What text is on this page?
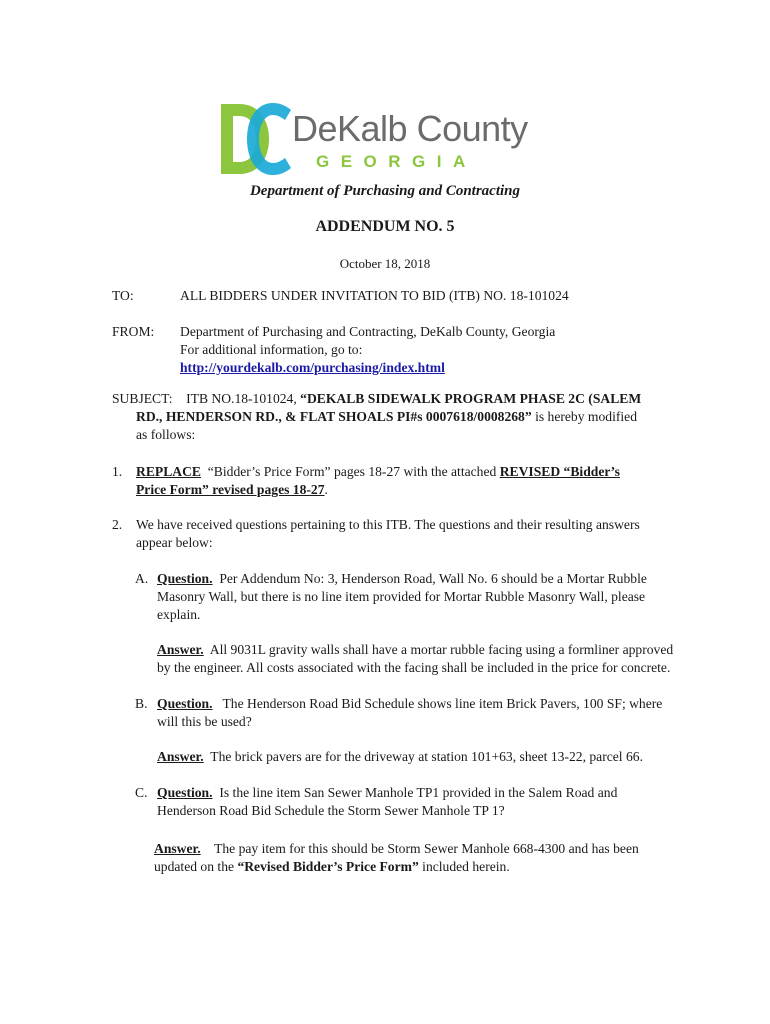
DeKalb County
GEORGIA
Department of Purchasing and Contracting
ADDENDUM NO. 5
October 18, 2018
TO:	ALL BIDDERS UNDER INVITATION TO BID (ITB) NO. 18-101024
FROM: Department of Purchasing and Contracting, DeKalb County, Georgia
For additional information, go to:
http://yourdekalb.com/purchasing/index.html
SUBJECT: ITB NO.18-101024, “DEKALB SIDEWALK PROGRAM PHASE 2C (SALEM
RD., HENDERSON RD., & FLAT SHOALS PI#s 0007618/0008268” is hereby modified
as follows:
1.	REPLACE “Bidder’s Price Form” pages 18-27 with the attached REVISED “Bidder’s
Price Form” revised pages 18-27.
2.	We have received questions pertaining to this ITB. The questions and their resulting answers
appear below:
A. Question. Per Addendum No: 3, Henderson Road, Wall No. 6 should be a Mortar Rubble
Masonry Wall, but there is no line item provided for Mortar Rubble Masonry Wall, please
explain.
Answer. All 9031L gravity walls shall have a mortar rubble facing using a formliner approved
by the engineer. All costs associated with the facing shall be included in the price for concrete.
B. Question. The Henderson Road Bid Schedule shows line item Brick Pavers, 100 SF; where
will this be used?
Answer. The brick pavers are for the driveway at station 101+63, sheet 13-22, parcel 66.
C. Question. Is the line item San Sewer Manhole TP1 provided in the Salem Road and
Henderson Road Bid Schedule the Storm Sewer Manhole TP 1?
Answer. The pay item for this should be Storm Sewer Manhole 668-4300 and has been
updated on the “Revised Bidder’s Price Form” included herein.
